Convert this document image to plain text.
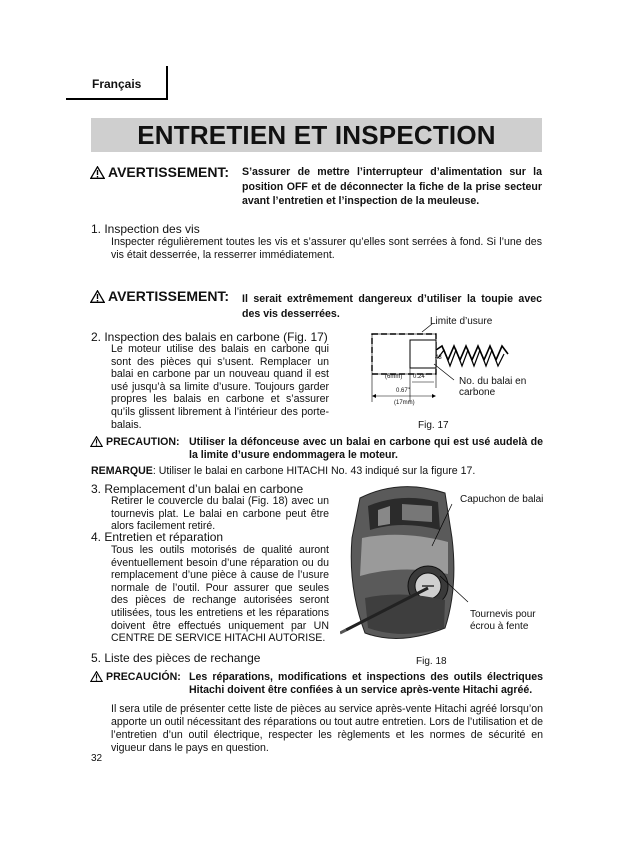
Français
ENTRETIEN ET INSPECTION
AVERTISSEMENT: S’assurer de mettre l’interrupteur d’alimentation sur la position OFF et de déconnecter la fiche de la prise secteur avant l’entretien et l’inspection de la meuleuse.
1. Inspection des vis
Inspecter régulièrement toutes les vis et s’assurer qu’elles sont serrées à fond. Si l’une des vis était desserrée, la resserrer immédiatement.
AVERTISSEMENT: Il serait extrêmement dangereux d’utiliser la toupie avec des vis desserrées.
2. Inspection des balais en carbone (Fig. 17)
Le moteur utilise des balais en carbone qui sont des pièces qui s’usent. Remplacer un balai en carbone par un nouveau quand il est usé jusqu’à sa limite d’usure. Toujours garder propres les balais en carbone et s’assurer qu’ils glissent librement à l’intérieur des porte-balais.
Limite d’usure
43
(6mm) 0.24"
0.67"
(17mm)
No. du balai en carbone
Fig. 17
PRECAUTION: Utiliser la défonceuse avec un balai en carbone qui est usé audelà de la limite d’usure endommagera le moteur.
REMARQUE: Utiliser le balai en carbone HITACHI No. 43 indiqué sur la figure 17.
3. Remplacement d’un balai en carbone
Retirer le couvercle du balai (Fig. 18) avec un tournevis plat. Le balai en carbone peut être alors facilement retiré.
4. Entretien et réparation
Tous les outils motorisés de qualité auront éventuellement besoin d’une réparation ou du remplacement d’une pièce à cause de l’usure normale de l’outil. Pour assurer que seules des pièces de rechange autorisées seront utilisées, tous les entretiens et les réparations doivent être effectués uniquement par UN CENTRE DE SERVICE HITACHI AUTORISE.
5. Liste des pièces de rechange
Capuchon de balai
Tournevis pour écrou à fente
Fig. 18
PRECAUCIÓN: Les réparations, modifications et inspections des outils électriques Hitachi doivent être confiées à un service après-vente Hitachi agréé.
Il sera utile de présenter cette liste de pièces au service après-vente Hitachi agréé lorsqu’on apporte un outil nécessitant des réparations ou tout autre entretien. Lors de l’utilisation et de l’entretien d’un outil électrique, respecter les règlements et les normes de sécurité en vigueur dans le pays en question.
32
